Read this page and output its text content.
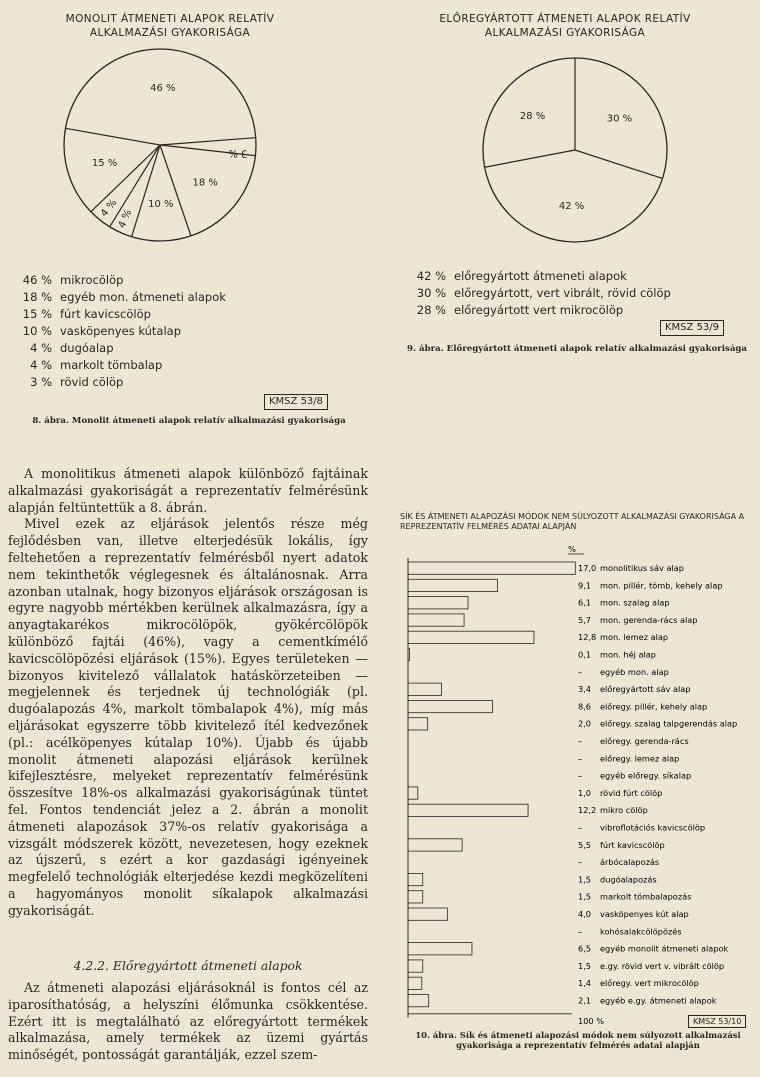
MONOLIT ÁTMENETI ALAPOK RELATÍV ALKALMAZÁSI GYAKORISÁGA
46 %
3 %
18 %
10 %
4 %
4 %
15 %
46 % mikrocölöp
18 % egyéb mon. átmeneti alapok
15 % fúrt kavicscölöp
10 % vasköpenyes kútalap
4 % dugóalap
4 % markolt tömbalap
3 % rövid cölöp
KMSZ 53/8
8. ábra. Monolit átmeneti alapok relatív alkalmazási gyakorisága
ELŐREGYÁRTOTT ÁTMENETI ALAPOK RELATÍV ALKALMAZÁSI GYAKORISÁGA
30 %
42 %
28 %
42 % előregyártott átmeneti alapok
30 % előregyártott, vert vibrált, rövid cölöp
28 % előregyártott vert mikrocölöp
KMSZ 53/9
9. ábra. Előregyártott átmeneti alapok relatív alkalmazási gyakorisága

A monolitikus átmeneti alapok különböző fajtáinak alkalmazási gyakoriságát a reprezentatív felmérésünk alapján feltüntettük a 8. ábrán.

Mivel ezek az eljárások jelentős része még fejlődésben van, illetve elterjedésük lokális, így feltehetően a reprezentatív felmérésből nyert adatok nem tekinthetők véglegesnek és általánosnak. Arra azonban utalnak, hogy bizonyos eljárások országosan is egyre nagyobb mértékben kerülnek alkalmazásra, így a anyagtakarékos mikrocölöpök, gyökércölöpök különböző fajtái (46%), vagy a cementkímélő kavicscölöpözési eljárások (15%). Egyes területeken — bizonyos kivitelező vállalatok hatáskörzeteiben — megjelennek és terjednek új technológiák (pl. dugóalapozás 4%, markolt tömbalapok 4%), míg más eljárásokat egyszerre több kivitelező ítél kedvezőnek (pl.: acélköpenyes kútalap 10%). Újabb és újabb monolit átmeneti alapozási eljárások kerülnek kifejlesztésre, melyeket reprezentatív felmérésünk összesítve 18%-os alkalmazási gyakoriságúnak tüntet fel. Fontos tendenciát jelez a 2. ábrán a monolit átmeneti alapozások 37%-os relatív gyakorisága a vizsgált módszerek között, nevezetesen, hogy ezeknek az újszerű, s ezért a kor gazdasági igényeinek megfelelő technológiák elterjedése kezdi megközelíteni a hagyományos monolit síkalapok alkalmazási gyakoriságát.

4.2.2. Előregyártott átmeneti alapok

Az átmeneti alapozási eljárásoknál is fontos cél az iparosíthatóság, a helyszíni élőmunka csökkentése. Ezért itt is megtalálható az előregyártott termékek alkalmazása, amely termékek az üzemi gyártás minőségét, pontosságát garantálják, ezzel szem-

SÍK ÉS ÁTMENETI ALAPOZÁSI MÓDOK NEM SÚLYOZOTT ALKALMAZÁSI GYAKORISÁGA A REPREZENTATÍV FELMÉRÉS ADATAI ALAPJÁN
%
17,0 monolitikus sáv alap
9,1 mon. pillér, tömb, kehely alap
6,1 mon. szalag alap
5,7 mon. gerenda-rács alap
12,8 mon. lemez alap
0,1 mon. héj alap
– egyéb mon. alap
3,4 előregyártott sáv alap
8,6 előregy. pillér, kehely alap
2,0 előregy. szalag talpgerendás alap
– előregy. gerenda-rács
– előregy. lemez alap
– egyéb előregy. síkalap
1,0 rövid fúrt cölöp
12,2 mikro cölöp
– vibroflotációs kavicscölöp
5,5 fúrt kavicscölöp
– árbócalapozás
1,5 dugóalapozás
1,5 markolt tömbalapozás
4,0 vasköpenyes kút alap
– kohósalakcölöpözés
6,5 egyéb monolit átmeneti alapok
1,5 e.gy. rövid vert v. vibrált cölöp
1,4 előregy. vert mikrocölöp
2,1 egyéb e.gy. átmeneti alapok
100 %	KMSZ 53/10
10. ábra. Sík és átmeneti alapozási módok nem súlyozott alkalmazási gyakorisága a reprezentatív felmérés adatai alapján
